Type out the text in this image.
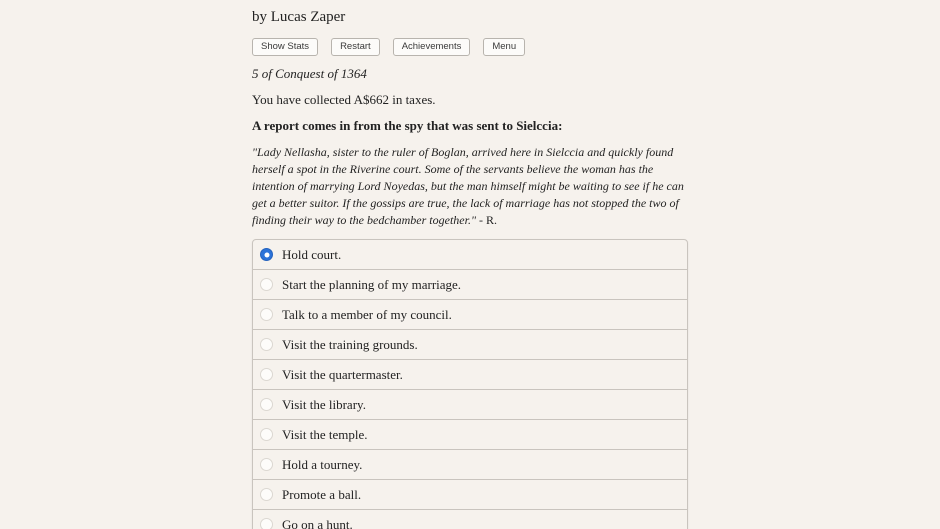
by Lucas Zaper

Show Stats	Restart	Achievements	Menu

5 of Conquest of 1364

You have collected A$662 in taxes.

A report comes in from the spy that was sent to Sielccia:

"Lady Nellasha, sister to the ruler of Boglan, arrived here in Sielccia and quickly found herself a spot in the Riverine court. Some of the servants believe the woman has the intention of marrying Lord Noyedas, but the man himself might be waiting to see if he can get a better suitor. If the gossips are true, the lack of marriage has not stopped the two of finding their way to the bedchamber together." - R.

Hold court.
Start the planning of my marriage.
Talk to a member of my council.
Visit the training grounds.
Visit the quartermaster.
Visit the library.
Visit the temple.
Hold a tourney.
Promote a ball.
Go on a hunt.
